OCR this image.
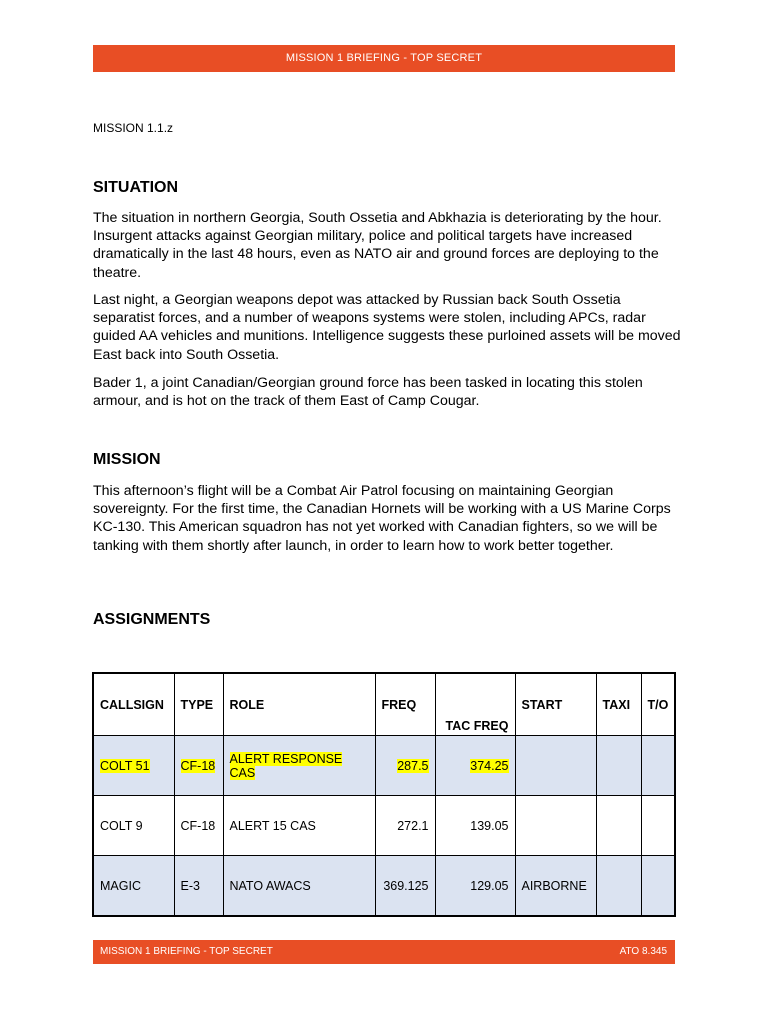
MISSION 1 BRIEFING - TOP SECRET
MISSION 1.1.z
SITUATION

The situation in northern Georgia, South Ossetia and Abkhazia is deteriorating by the hour. Insurgent attacks against Georgian military, police and political targets have increased dramatically in the last 48 hours, even as NATO air and ground forces are deploying to the theatre.

Last night, a Georgian weapons depot was attacked by Russian back South Ossetia separatist forces, and a number of weapons systems were stolen, including APCs, radar guided AA vehicles and munitions. Intelligence suggests these purloined assets will be moved East back into South Ossetia.

Bader 1, a joint Canadian/Georgian ground force has been tasked in locating this stolen armour, and is hot on the track of them East of Camp Cougar.

MISSION

This afternoon’s flight will be a Combat Air Patrol focusing on maintaining Georgian sovereignty. For the first time, the Canadian Hornets will be working with a US Marine Corps KC-130. This American squadron has not yet worked with Canadian fighters, so we will be tanking with them shortly after launch, in order to learn how to work better together.

ASSIGNMENTS
CALLSIGN	TYPE	ROLE	FREQ	TAC FREQ	START	TAXI	T/O
COLT 51	CF-18	ALERT RESPONSE CAS	287.5	374.25			
COLT 9	CF-18	ALERT 15 CAS	272.1	139.05			
MAGIC	E-3	NATO AWACS	369.125	129.05	AIRBORNE		
MISSION 1 BRIEFING - TOP SECRET	ATO 8.345
